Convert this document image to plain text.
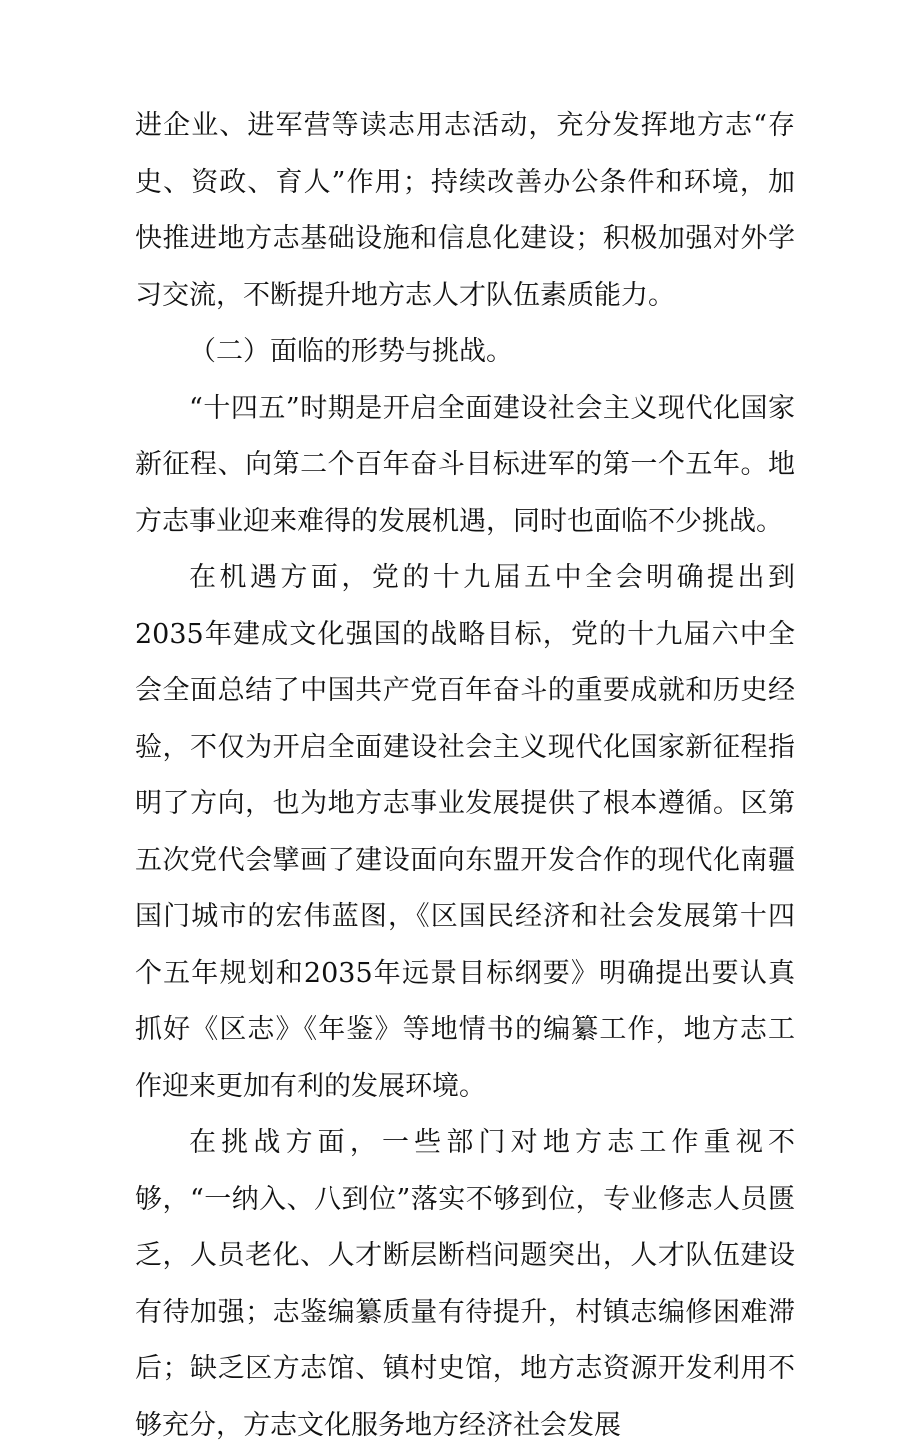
进企业、进军营等读志用志活动，充分发挥地方志“存史、资政、育人”作用；持续改善办公条件和环境，加快推进地方志基础设施和信息化建设；积极加强对外学习交流，不断提升地方志人才队伍素质能力。

（二）面临的形势与挑战。

“十四五”时期是开启全面建设社会主义现代化国家新征程、向第二个百年奋斗目标进军的第一个五年。地方志事业迎来难得的发展机遇，同时也面临不少挑战。

在机遇方面，党的十九届五中全会明确提出到2035年建成文化强国的战略目标，党的十九届六中全会全面总结了中国共产党百年奋斗的重要成就和历史经验，不仅为开启全面建设社会主义现代化国家新征程指明了方向，也为地方志事业发展提供了根本遵循。区第五次党代会擘画了建设面向东盟开发合作的现代化南疆国门城市的宏伟蓝图，《区国民经济和社会发展第十四个五年规划和2035年远景目标纲要》明确提出要认真抓好《区志》《年鉴》等地情书的编纂工作，地方志工作迎来更加有利的发展环境。

在挑战方面，一些部门对地方志工作重视不够，“一纳入、八到位”落实不够到位，专业修志人员匮乏，人员老化、人才断层断档问题突出，人才队伍建设有待加强；志鉴编纂质量有待提升，村镇志编修困难滞后；缺乏区方志馆、镇村史馆，地方志资源开发利用不够充分，方志文化服务地方经济社会发展
